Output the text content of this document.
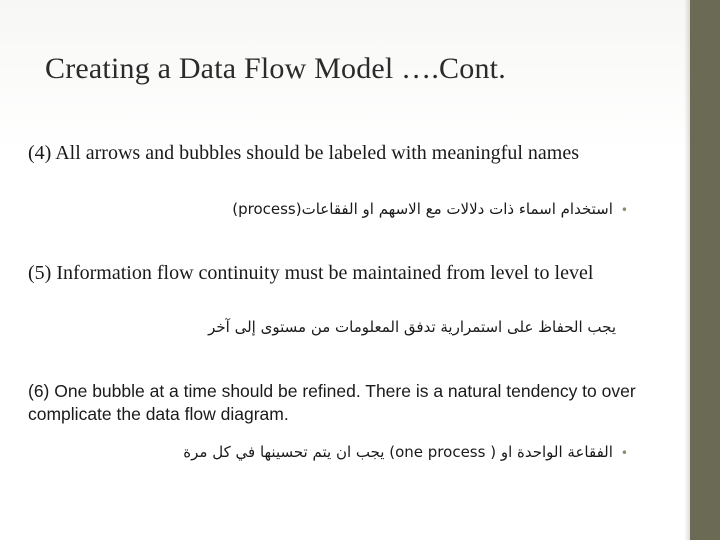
Creating a Data Flow Model ….Cont.
(4) All arrows and bubbles should be labeled with meaningful names
•استخدام اسماء ذات دلالات مع الاسهم او الفقاعات(process)
(5) Information flow continuity must be maintained from level to level
يجب الحفاظ على استمرارية تدفق المعلومات من مستوى إلى آخر
(6) One bubble at a time should be refined. There is a natural tendency to over complicate the data flow diagram.
•الفقاعة الواحدة او ( one process) يجب ان يتم تحسينها في كل مرة
